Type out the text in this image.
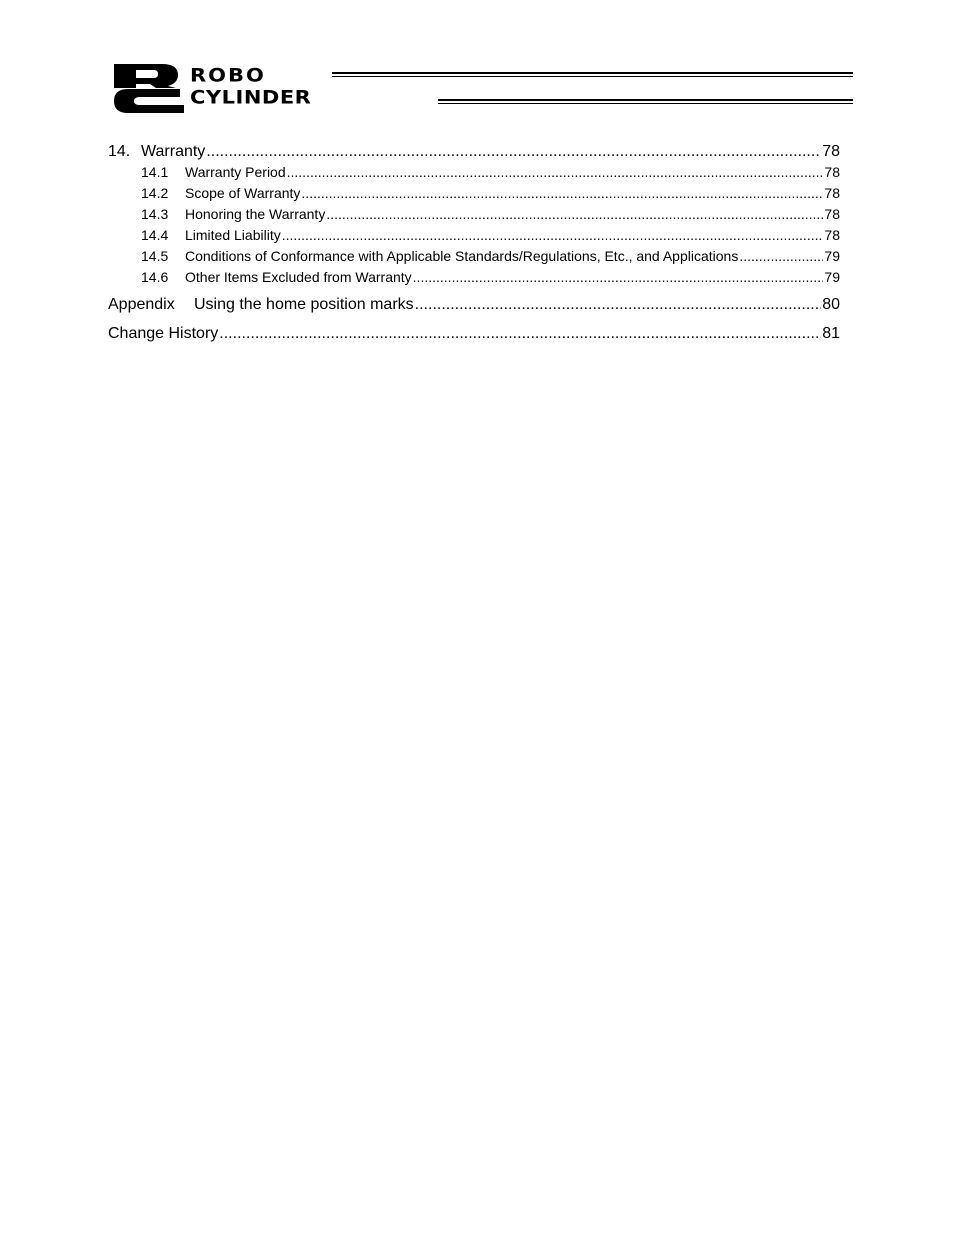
ROBO
CYLINDER
14. Warranty .....	78
14.1	Warranty Period .....	78
14.2	Scope of Warranty .....	78
14.3	Honoring the Warranty .....	78
14.4	Limited Liability .....	78
14.5	Conditions of Conformance with Applicable Standards/Regulations, Etc., and Applications .....	79
14.6	Other Items Excluded from Warranty .....	79
Appendix	Using the home position marks .....	80
Change History .....	81
